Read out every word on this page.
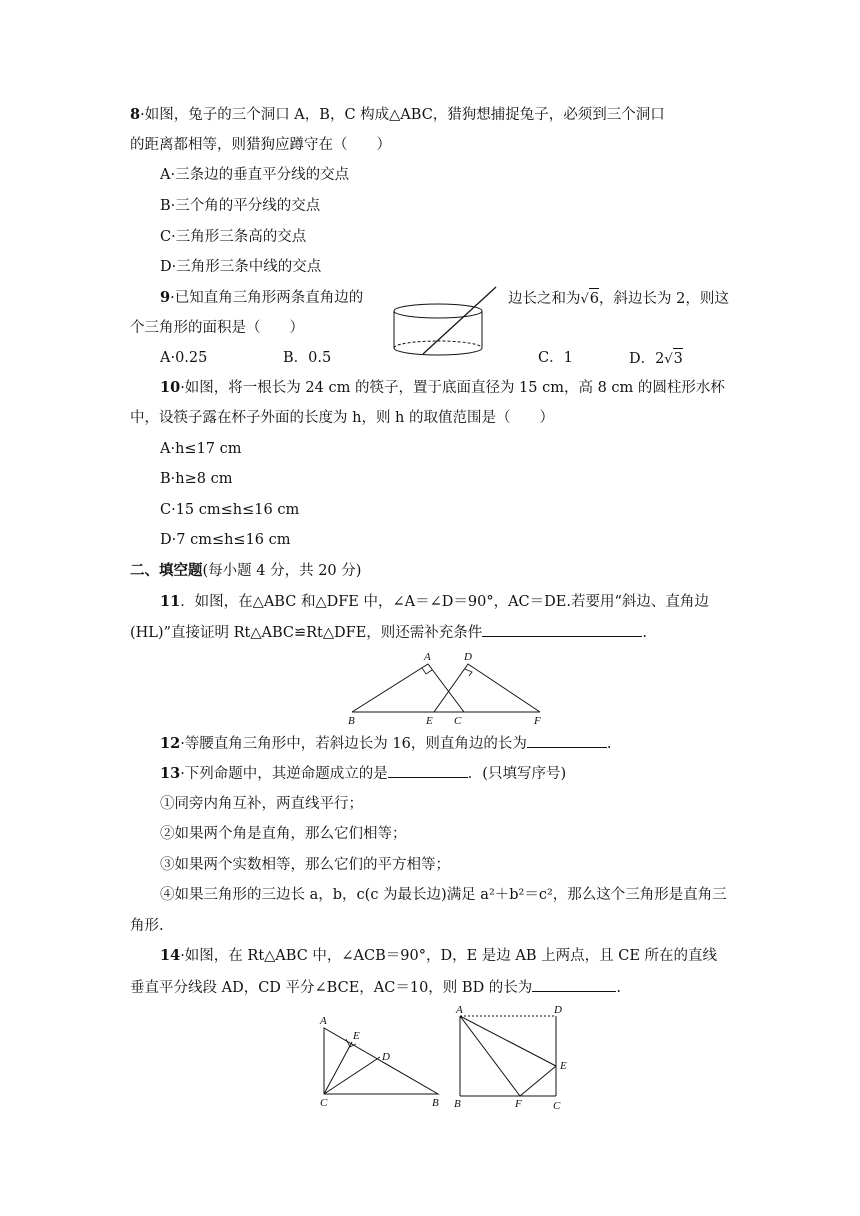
8·如图，兔子的三个洞口 A，B，C 构成△ABC，猎狗想捕捉兔子，必须到三个洞口
的距离都相等，则猎狗应蹲守在（　　）
A·三条边的垂直平分线的交点
B·三个角的平分线的交点
C·三角形三条高的交点
D·三角形三条中线的交点
9·已知直角三角形两条直角边的	边长之和为√6，斜边长为 2，则这
个三角形的面积是（　　）
A·0.25	B．0.5	C．1	D．2√3
10·如图，将一根长为 24 cm 的筷子，置于底面直径为 15 cm，高 8 cm 的圆柱形水杯
中，设筷子露在杯子外面的长度为 h，则 h 的取值范围是（　　）
A·h≤17 cm
B·h≥8 cm
C·15 cm≤h≤16 cm
D·7 cm≤h≤16 cm
二、填空题(每小题 4 分，共 20 分)
11．如图，在△ABC 和△DFE 中，∠A＝∠D＝90°，AC＝DE.若要用“斜边、直角边
(HL)”直接证明 Rt△ABC≌Rt△DFE，则还需补充条件	.
A	D
B	E C	F
12·等腰直角三角形中，若斜边长为 16，则直角边的长为	.
13·下列命题中，其逆命题成立的是	．(只填写序号)
①同旁内角互补，两直线平行；
②如果两个角是直角，那么它们相等；
③如果两个实数相等，那么它们的平方相等；
④如果三角形的三边长 a，b，c(c 为最长边)满足 a²＋b²＝c²，那么这个三角形是直角三
角形.
14·如图，在 Rt△ABC 中，∠ACB＝90°，D，E 是边 AB 上两点，且 CE 所在的直线
垂直平分线段 AD，CD 平分∠BCE，AC＝10，则 BD 的长为	.
A
E
D
C	B
A	D
E
B	F	C
